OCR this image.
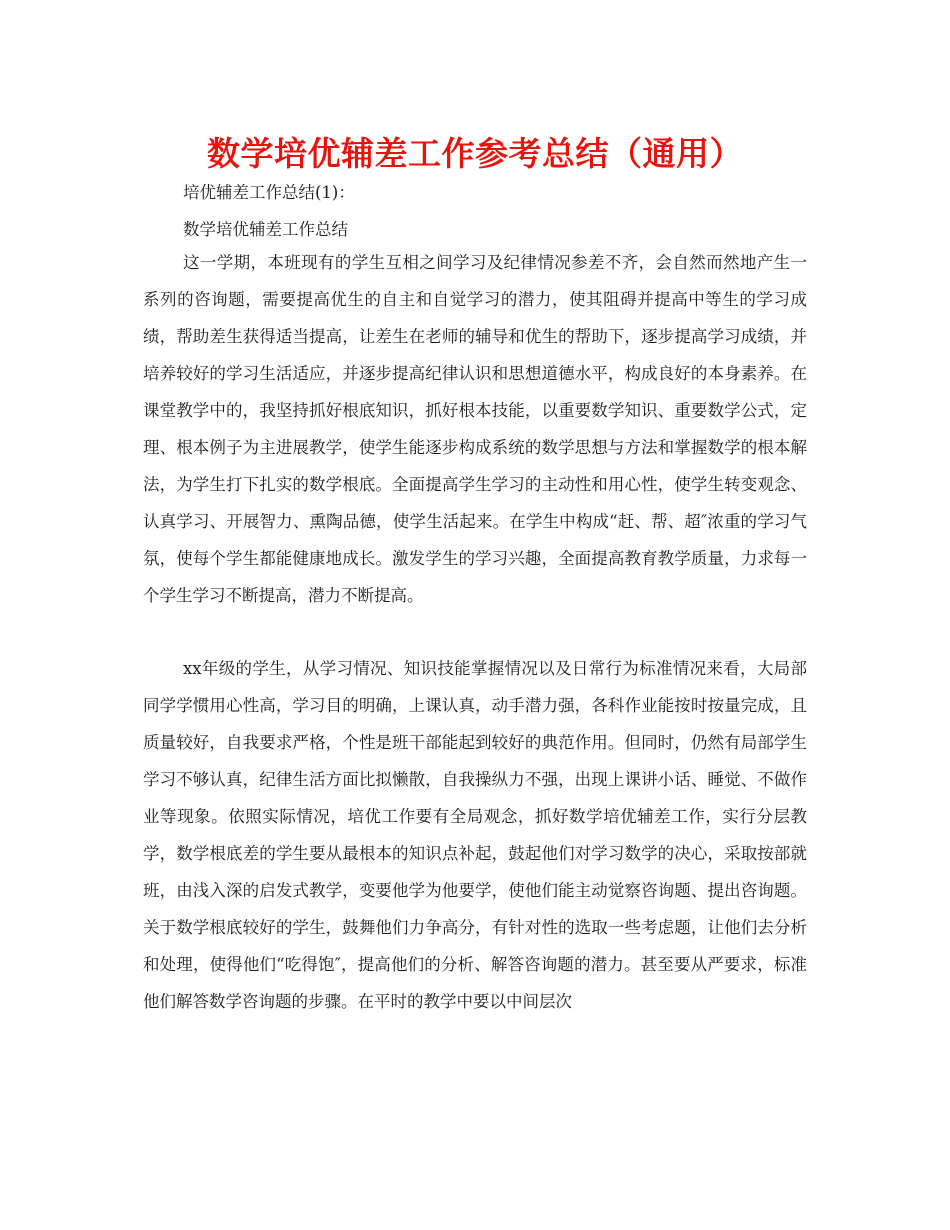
数学培优辅差工作参考总结（通用）
培优辅差工作总结(1)：
数学培优辅差工作总结

这一学期，本班现有的学生互相之间学习及纪律情况参差不齐，会自然而然地产生一系列的咨询题，需要提高优生的自主和自觉学习的潜力，使其阻碍并提高中等生的学习成绩，帮助差生获得适当提高，让差生在老师的辅导和优生的帮助下，逐步提高学习成绩，并培养较好的学习生活适应，并逐步提高纪律认识和思想道德水平，构成良好的本身素养。在课堂教学中的，我坚持抓好根底知识，抓好根本技能，以重要数学知识、重要数学公式，定理、根本例子为主进展教学，使学生能逐步构成系统的数学思想与方法和掌握数学的根本解法，为学生打下扎实的数学根底。全面提高学生学习的主动性和用心性，使学生转变观念、认真学习、开展智力、熏陶品德，使学生活起来。在学生中构成“赶、帮、超″浓重的学习气氛，使每个学生都能健康地成长。激发学生的学习兴趣，全面提高教育教学质量，力求每一个学生学习不断提高，潜力不断提高。

xx年级的学生，从学习情况、知识技能掌握情况以及日常行为标准情况来看，大局部同学学惯用心性高，学习目的明确，上课认真，动手潜力强，各科作业能按时按量完成，且质量较好，自我要求严格，个性是班干部能起到较好的典范作用。但同时，仍然有局部学生学习不够认真，纪律生活方面比拟懒散，自我操纵力不强，出现上课讲小话、睡觉、不做作业等现象。依照实际情况，培优工作要有全局观念，抓好数学培优辅差工作，实行分层教学，数学根底差的学生要从最根本的知识点补起，鼓起他们对学习数学的决心，采取按部就班，由浅入深的启发式教学，变要他学为他要学，使他们能主动觉察咨询题、提出咨询题。关于数学根底较好的学生，鼓舞他们力争高分，有针对性的选取一些考虑题，让他们去分析和处理，使得他们“吃得饱″，提高他们的分析、解答咨询题的潜力。甚至要从严要求，标准他们解答数学咨询题的步骤。在平时的教学中要以中间层次
